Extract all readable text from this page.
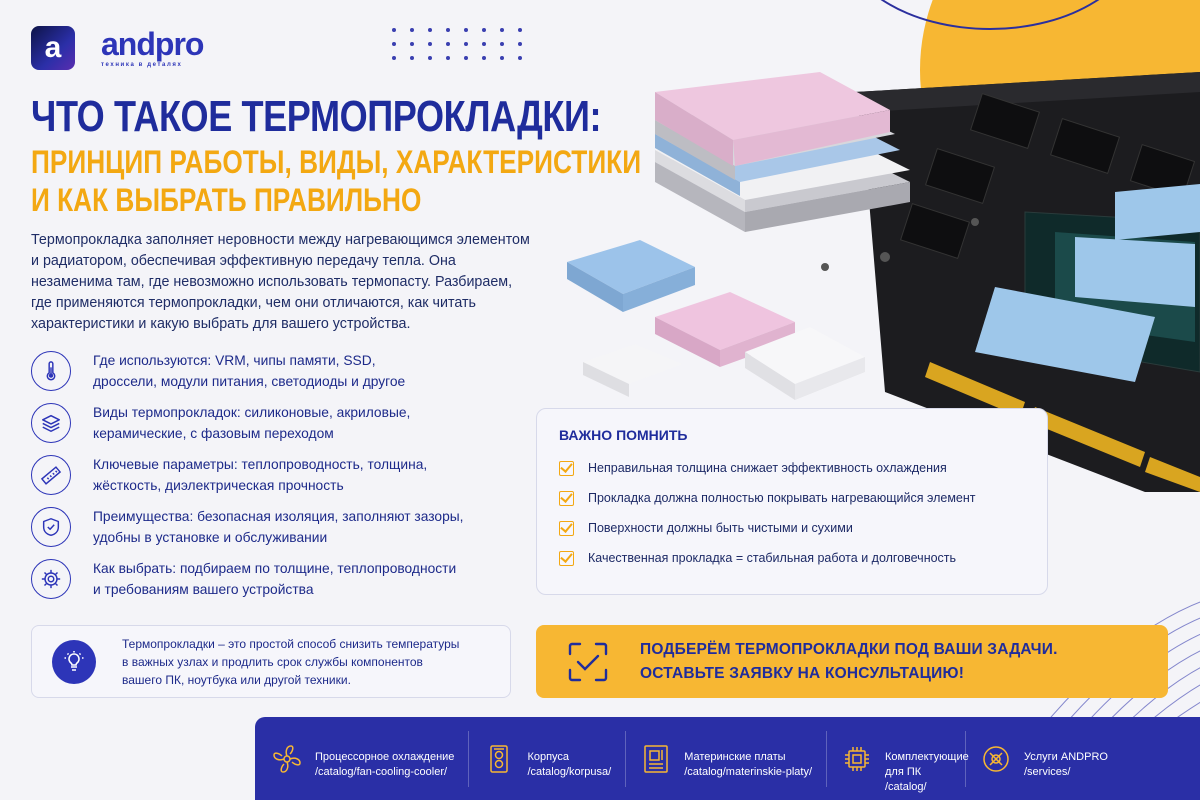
a andpro
техника в деталях
ЧТО ТАКОЕ ТЕРМОПРОКЛАДКИ:
ПРИНЦИП РАБОТЫ, ВИДЫ, ХАРАКТЕРИСТИКИ
И КАК ВЫБРАТЬ ПРАВИЛЬНО

Термопрокладка заполняет неровности между нагревающимся элементом и радиатором, обеспечивая эффективную передачу тепла. Она незаменима там, где невозможно использовать термопасту. Разбираем, где применяются термопрокладки, чем они отличаются, как читать характеристики и какую выбрать для вашего устройства.

Где используются: VRM, чипы памяти, SSD,
дроссели, модули питания, светодиоды и другое
Виды термопрокладок: силиконовые, акриловые,
керамические, с фазовым переходом
Ключевые параметры: теплопроводность, толщина,
жёсткость, диэлектрическая прочность
Преимущества: безопасная изоляция, заполняют зазоры,
удобны в установке и обслуживании
Как выбрать: подбираем по толщине, теплопроводности
и требованиям вашего устройства
ВАЖНО ПОМНИТЬ
Неправильная толщина снижает эффективность охлаждения
Прокладка должна полностью покрывать нагревающийся элемент
Поверхности должны быть чистыми и сухими
Качественная прокладка = стабильная работа и долговечность
Термопрокладки – это простой способ снизить температуры
в важных узлах и продлить срок службы компонентов
вашего ПК, ноутбука или другой техники.
ПОДБЕРЁМ ТЕРМОПРОКЛАДКИ ПОД ВАШИ ЗАДАЧИ.
ОСТАВЬТЕ ЗАЯВКУ НА КОНСУЛЬТАЦИЮ!
Процессорное охлаждение
/catalog/fan-cooling-cooler/
Корпуса
/catalog/korpusa/
Материнские платы
/catalog/materinskie-platy/
Комплектующие для ПК
/catalog/
Услуги ANDPRO
/services/
